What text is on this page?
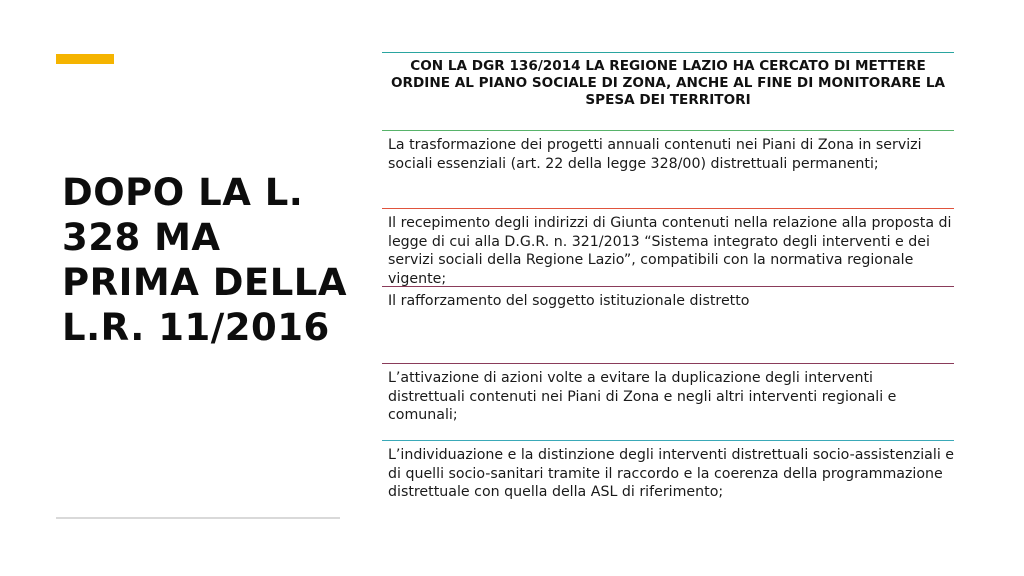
DOPO LA L. 328 MA PRIMA DELLA L.R. 11/2016
CON LA DGR 136/2014 LA REGIONE LAZIO HA CERCATO DI METTERE ORDINE AL PIANO SOCIALE DI ZONA, ANCHE AL FINE DI MONITORARE LA SPESA DEI TERRITORI
La trasformazione dei progetti annuali contenuti nei Piani di Zona in servizi sociali essenziali (art. 22 della legge 328/00) distrettuali permanenti;
Il recepimento degli indirizzi di Giunta contenuti nella relazione alla proposta di legge di cui alla D.G.R. n. 321/2013 “Sistema integrato degli interventi e dei servizi sociali della Regione Lazio”, compatibili con la normativa regionale vigente;
Il rafforzamento del soggetto istituzionale distretto
L’attivazione di azioni volte a evitare la duplicazione degli interventi distrettuali contenuti nei Piani di Zona e negli altri interventi regionali e comunali;
L’individuazione e la distinzione degli interventi distrettuali socio-assistenziali e di quelli socio-sanitari tramite il raccordo e la coerenza della programmazione distrettuale con quella della ASL di riferimento;
